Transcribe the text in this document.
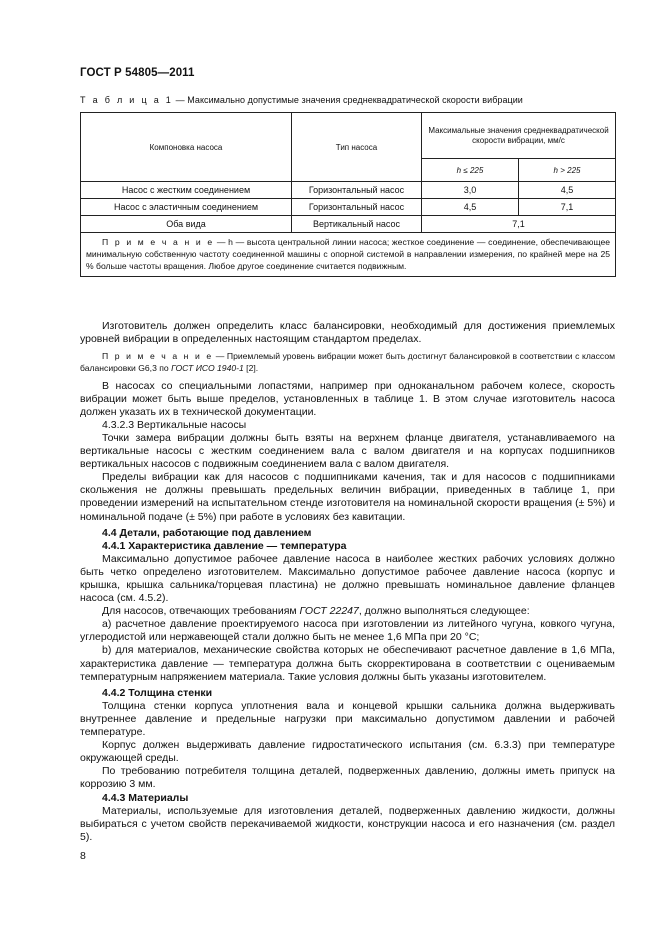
ГОСТ Р 54805—2011
Т а б л и ц а 1 — Максимально допустимые значения среднеквадратической скорости вибрации
Компоновка насоса	Тип насоса	Максимальные значения среднеквадратической скорости вибрации, мм/с	
		h ≤ 225	h > 225
Насос с жестким соединением	Горизонтальный насос	3,0	4,5
Насос с эластичным соединением	Горизонтальный насос	4,5	7,1
Оба вида	Вертикальный насос	7,1	

П р и м е ч а н и е — h — высота центральной линии насоса; жесткое соединение — соединение, обеспечивающее минимальную собственную частоту соединенной машины с опорной системой в направлении измерения, по крайней мере на 25 % больше частоты вращения. Любое другое соединение считается подвижным.			

Изготовитель должен определить класс балансировки, необходимый для достижения приемлемых уровней вибрации в определенных настоящим стандартом пределах.

П р и м е ч а н и е — Приемлемый уровень вибрации может быть достигнут балансировкой в соответствии с классом балансировки G6,3 по ГОСТ ИСО 1940-1 [2].

В насосах со специальными лопастями, например при одноканальном рабочем колесе, скорость вибрации может быть выше пределов, установленных в таблице 1. В этом случае изготовитель насоса должен указать их в технической документации.

4.3.2.3 Вертикальные насосы

Точки замера вибрации должны быть взяты на верхнем фланце двигателя, устанавливаемого на вертикальные насосы с жестким соединением вала с валом двигателя и на корпусах подшипников вертикальных насосов с подвижным соединением вала с валом двигателя.

Пределы вибрации как для насосов с подшипниками качения, так и для насосов с подшипниками скольжения не должны превышать предельных величин вибрации, приведенных в таблице 1, при проведении измерений на испытательном стенде изготовителя на номинальной скорости вращения (± 5%) и номинальной подаче (± 5%) при работе в условиях без кавитации.

4.4 Детали, работающие под давлением
4.4.1 Характеристика давление — температура

Максимально допустимое рабочее давление насоса в наиболее жестких рабочих условиях должно быть четко определено изготовителем. Максимально допустимое рабочее давление насоса (корпус и крышка, крышка сальника/торцевая пластина) не должно превышать номинальное давление фланцев насоса (см. 4.5.2).

Для насосов, отвечающих требованиям ГОСТ 22247, должно выполняться следующее:

а) расчетное давление проектируемого насоса при изготовлении из литейного чугуна, ковкого чугуна, углеродистой или нержавеющей стали должно быть не менее 1,6 МПа при 20 °С;

b) для материалов, механические свойства которых не обеспечивают расчетное давление в 1,6 МПа, характеристика давление — температура должна быть скорректирована в соответствии с оцениваемым температурным напряжением материала. Такие условия должны быть указаны изготовителем.

4.4.2 Толщина стенки

Толщина стенки корпуса уплотнения вала и концевой крышки сальника должна выдерживать внутреннее давление и предельные нагрузки при максимально допустимом давлении и рабочей температуре.

Корпус должен выдерживать давление гидростатического испытания (см. 6.3.3) при температуре окружающей среды.

По требованию потребителя толщина деталей, подверженных давлению, должны иметь припуск на коррозию 3 мм.

4.4.3 Материалы

Материалы, используемые для изготовления деталей, подверженных давлению жидкости, должны выбираться с учетом свойств перекачиваемой жидкости, конструкции насоса и его назначения (см. раздел 5).

8
